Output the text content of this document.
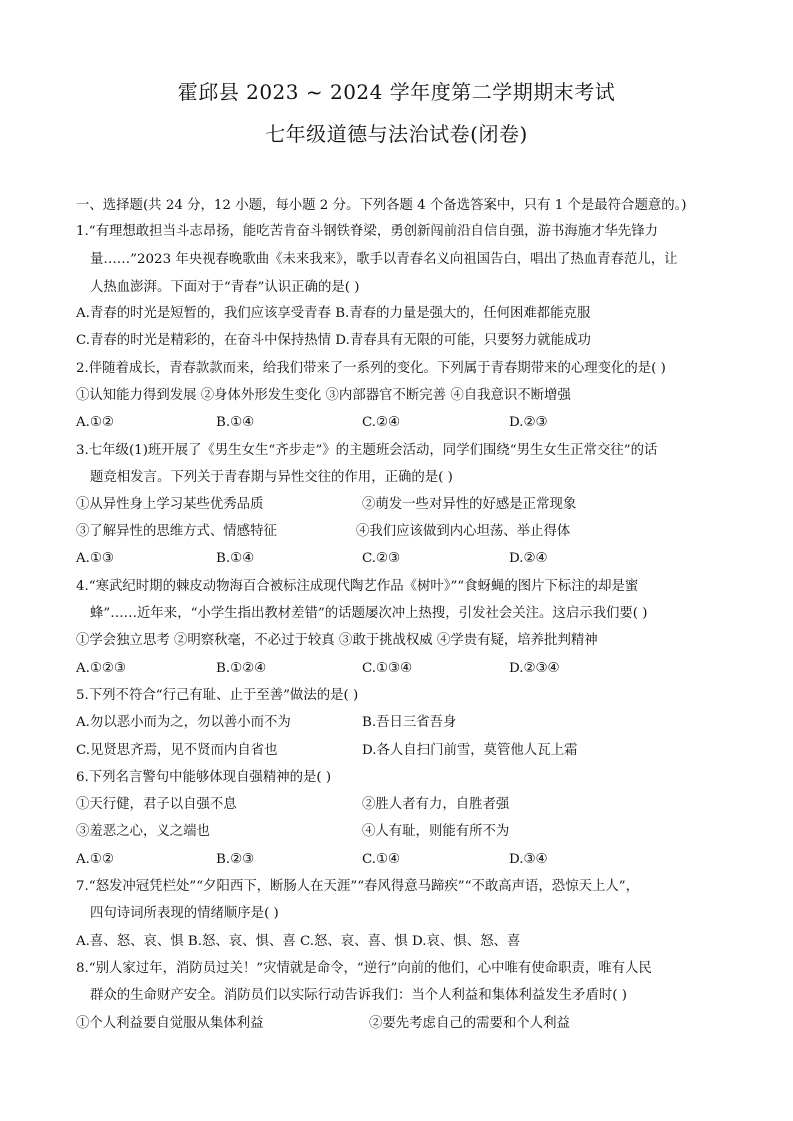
霍邱县 2023 ~ 2024 学年度第二学期期末考试
七年级道德与法治试卷(闭卷)
一、选择题(共 24 分，12 小题，每小题 2 分。下列各题 4 个备选答案中，只有 1 个是最符合题意的。)
1.“有理想敢担当斗志昂扬，能吃苦肯奋斗钢铁脊梁，勇创新闯前沿自信自强，游书海施才华先锋力
量……”2023 年央视春晚歌曲《未来我来》，歌手以青春名义向祖国告白，唱出了热血青春范儿，让
人热血澎湃。下面对于“青春”认识正确的是( )
A.青春的时光是短暂的，我们应该享受青春 B.青春的力量是强大的，任何困难都能克服
C.青春的时光是精彩的，在奋斗中保持热情 D.青春具有无限的可能，只要努力就能成功
2.伴随着成长，青春款款而来，给我们带来了一系列的变化。下列属于青春期带来的心理变化的是( )
①认知能力得到发展 ②身体外形发生变化 ③内部器官不断完善 ④自我意识不断增强
A.①②	B.①④	C.②④	D.②③
3.七年级(1)班开展了《男生女生“齐步走”》的主题班会活动，同学们围绕“男生女生正常交往”的话
题竞相发言。下列关于青春期与异性交往的作用，正确的是( )
①从异性身上学习某些优秀品质	②萌发一些对异性的好感是正常现象
③了解异性的思维方式、情感特征	④我们应该做到内心坦荡、举止得体
A.①③	B.①④	C.②③	D.②④
4.“寒武纪时期的棘皮动物海百合被标注成现代陶艺作品《树叶》”“食蚜蝇的图片下标注的却是蜜
蜂”……近年来，“小学生指出教材差错”的话题屡次冲上热搜，引发社会关注。这启示我们要( )
①学会独立思考 ②明察秋毫，不必过于较真 ③敢于挑战权威 ④学贵有疑，培养批判精神
A.①②③	B.①②④	C.①③④	D.②③④
5.下列不符合“行己有耻、止于至善”做法的是( )
A.勿以恶小而为之，勿以善小而不为	B.吾日三省吾身
C.见贤思齐焉，见不贤而内自省也	D.各人自扫门前雪，莫管他人瓦上霜
6.下列名言警句中能够体现自强精神的是( )
①天行健，君子以自强不息	②胜人者有力，自胜者强
③羞恶之心，义之端也	④人有耻，则能有所不为
A.①②	B.②③	C.①④	D.③④
7.“怒发冲冠凭栏处”“夕阳西下，断肠人在天涯”“春风得意马蹄疾”“不敢高声语，恐惊天上人”，
四句诗词所表现的情绪顺序是( )
A.喜、怒、哀、惧 B.怒、哀、惧、喜 C.怒、哀、喜、惧 D.哀、惧、怒、喜
8.“别人家过年，消防员过关！”灾情就是命令，“逆行”向前的他们，心中唯有使命职责，唯有人民
群众的生命财产安全。消防员们以实际行动告诉我们：当个人利益和集体利益发生矛盾时( )
①个人利益要自觉服从集体利益	②要先考虑自己的需要和个人利益
